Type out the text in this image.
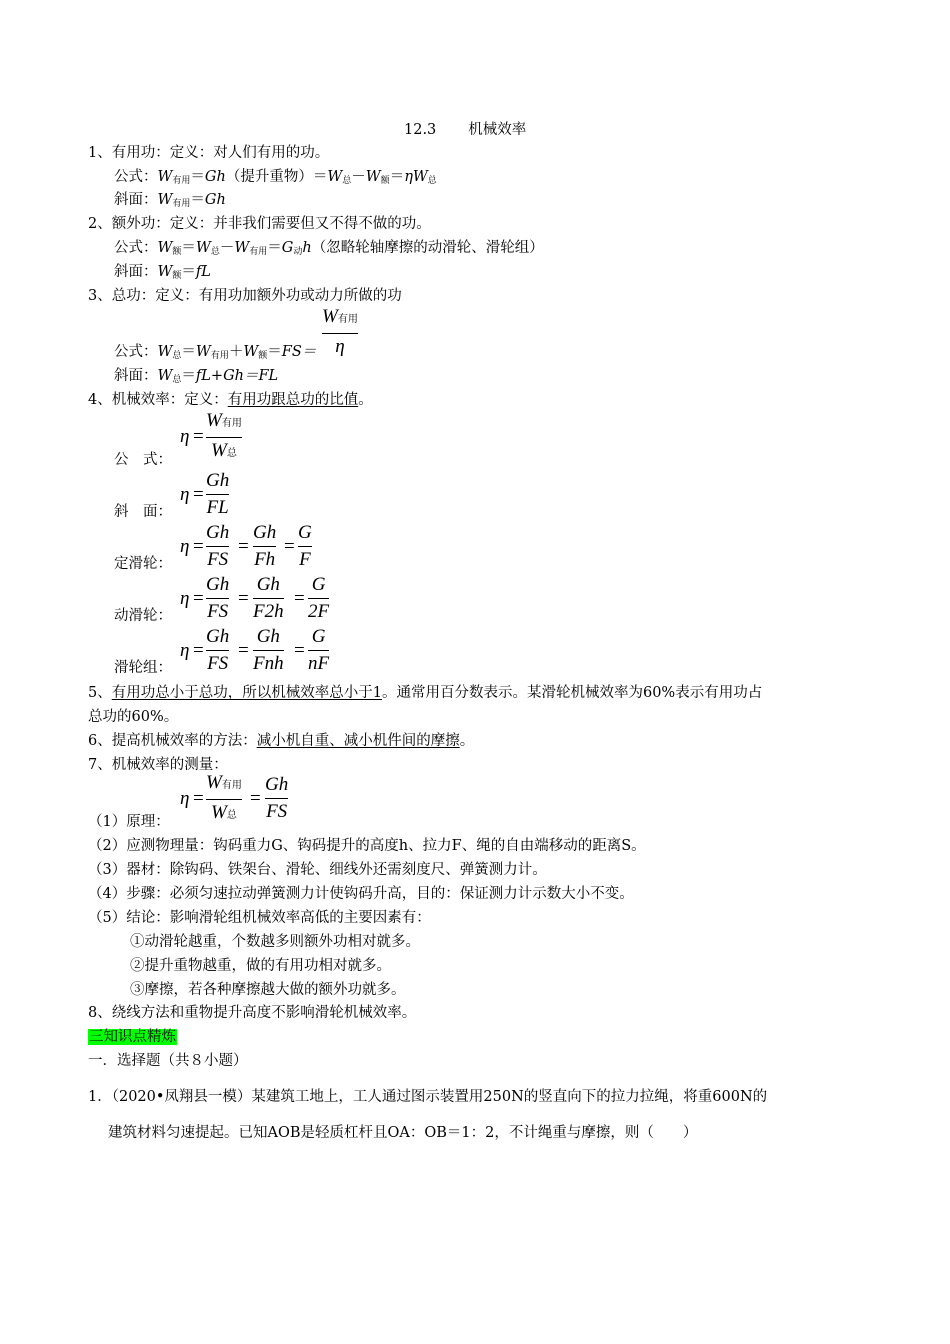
12.3 机械效率
1、有用功：定义：对人们有用的功。
公式：$W_{有用}=Gh$（提升重物）$=W_总-W_额=\eta W_总$
斜面：$W_{有用}=Gh$
2、额外功：定义：并非我们需要但又不得不做的功。
公式：$W_额=W_总-W_{有用}=G_动h$（忽略轮轴摩擦的动滑轮、滑轮组）
斜面：$W_额=fL$
3、总功：定义：有用功加额外功或动力所做的功
W有用
η
公式：$W_总=W_{有用}+W_额=FS=$
斜面：$W_总=fL+Gh=FL$
4、机械效率：定义：有用功跟总功的比值。
η =
W有用
W总
公　式：
η =
Gh
FL
斜　面：
η =
Gh
FS
=
Gh
Fh
=
G
F
定滑轮：
η =
Gh
FS
=
Gh
F2h
=
G
2F
动滑轮：
η =
Gh
FS
=
Gh
Fnh
=
G
nF
滑轮组：
5、有用功总小于总功，所以机械效率总小于1。通常用百分数表示。某滑轮机械效率为60%表示有用功占
总功的60%。
6、提高机械效率的方法：减小机自重、减小机件间的摩擦。
7、机械效率的测量：
η =
W有用
W总
=
Gh
FS
（1）原理：
（2）应测物理量：钩码重力G、钩码提升的高度h、拉力F、绳的自由端移动的距离S。
（3）器材：除钩码、铁架台、滑轮、细线外还需刻度尺、弹簧测力计。
（4）步骤：必须匀速拉动弹簧测力计使钩码升高，目的：保证测力计示数大小不变。
（5）结论：影响滑轮组机械效率高低的主要因素有：
①动滑轮越重，个数越多则额外功相对就多。
②提升重物越重，做的有用功相对就多。
③摩擦，若各种摩擦越大做的额外功就多。
8、绕线方法和重物提升高度不影响滑轮机械效率。
三知识点精炼
一．选择题（共８小题）
1．（2020•凤翔县一模）某建筑工地上，工人通过图示装置用250N的竖直向下的拉力拉绳，将重600N的
建筑材料匀速提起。已知AOB是轻质杠杆且OA：OB＝1：2，不计绳重与摩擦，则（　　）
